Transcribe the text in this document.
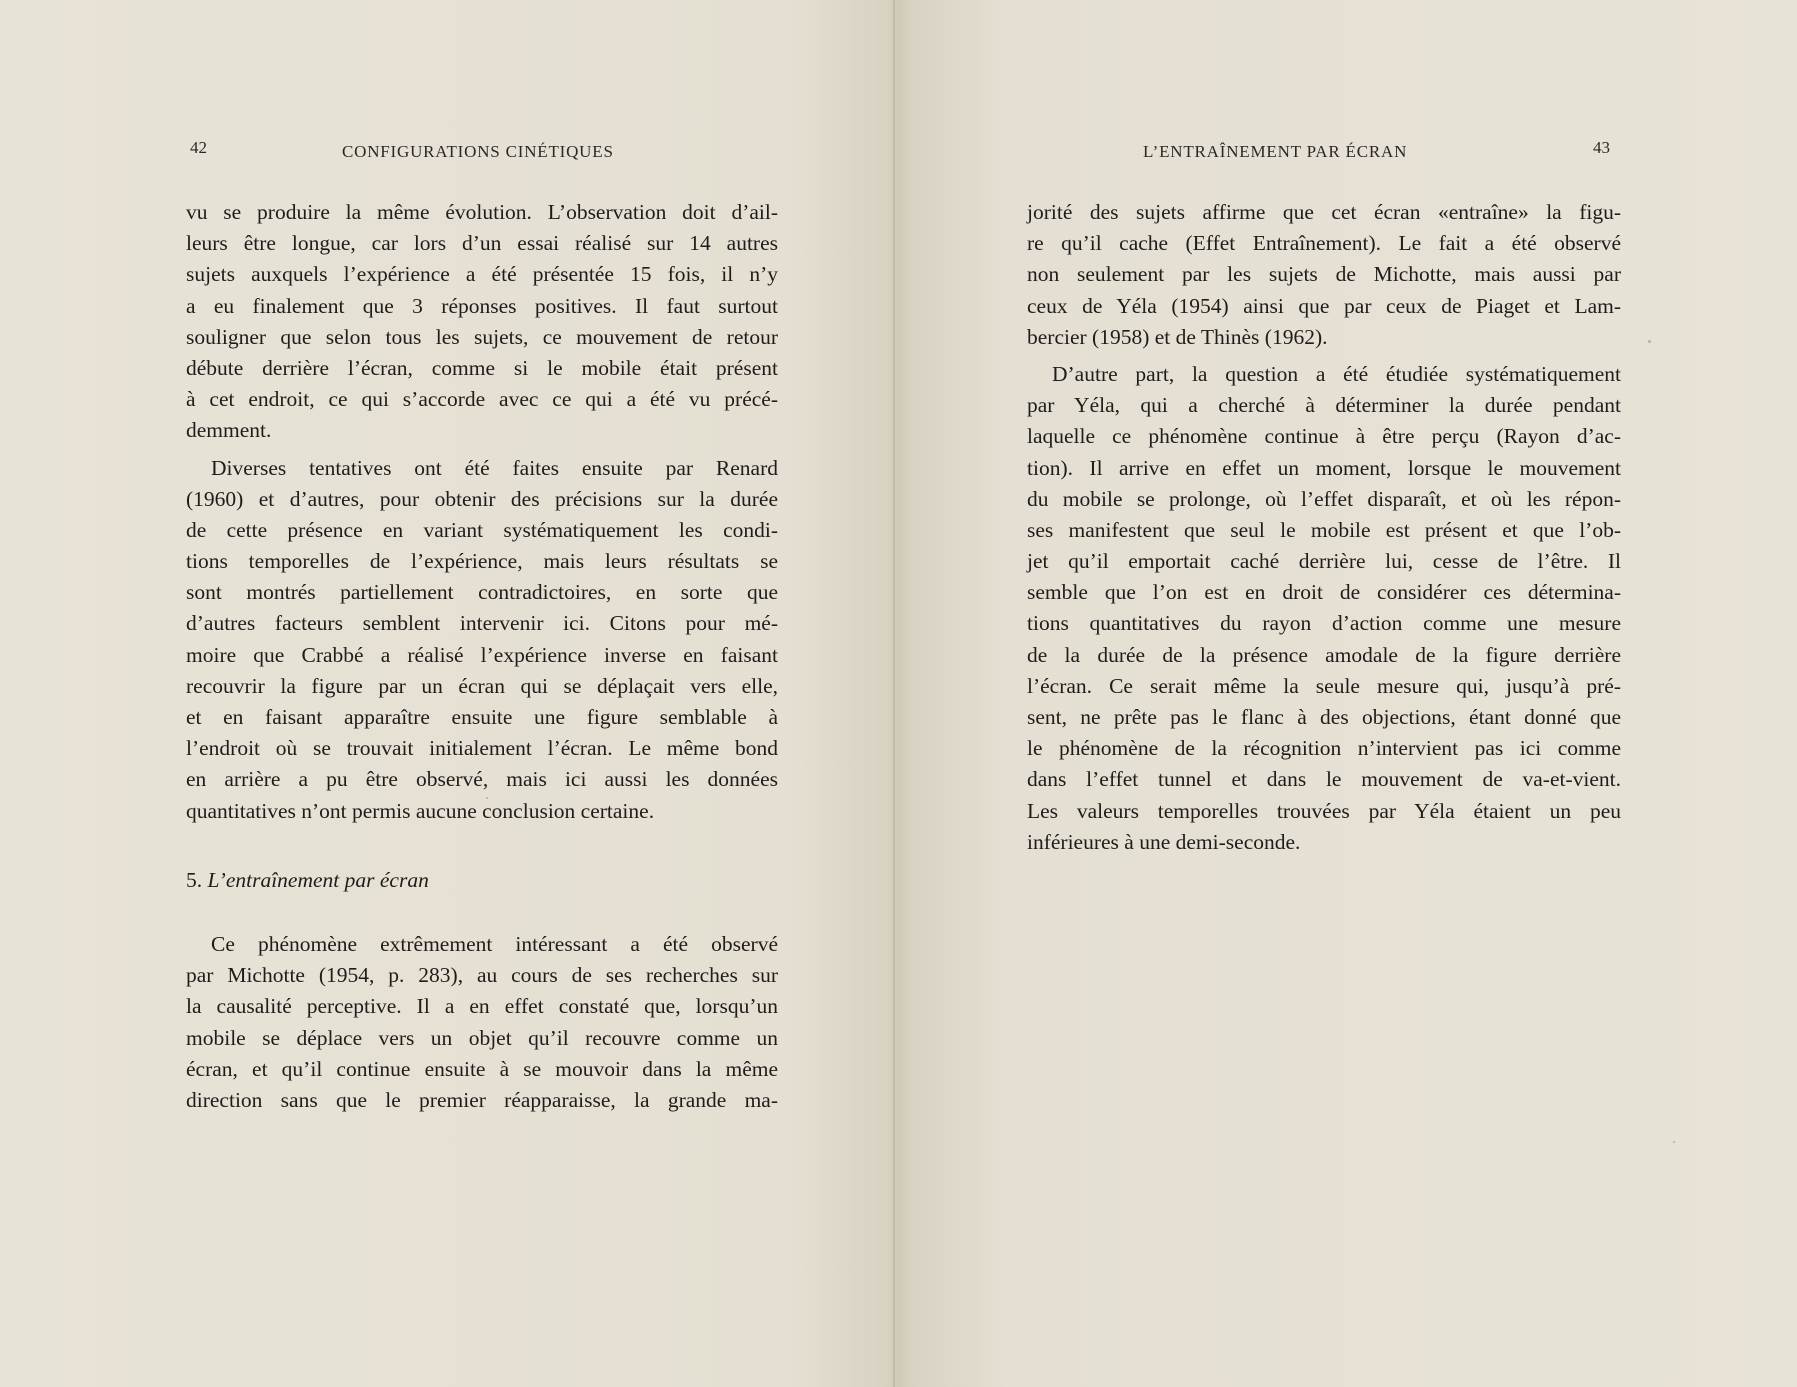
42	CONFIGURATIONS CINÉTIQUES
vu se produire la même évolution. L’observation doit d’ail-
leurs être longue, car lors d’un essai réalisé sur 14 autres
sujets auxquels l’expérience a été présentée 15 fois, il n’y
a eu finalement que 3 réponses positives. Il faut surtout
souligner que selon tous les sujets, ce mouvement de retour
débute derrière l’écran, comme si le mobile était présent
à cet endroit, ce qui s’accorde avec ce qui a été vu précé-
demment.
Diverses tentatives ont été faites ensuite par Renard
(1960) et d’autres, pour obtenir des précisions sur la durée
de cette présence en variant systématiquement les condi-
tions temporelles de l’expérience, mais leurs résultats se
sont montrés partiellement contradictoires, en sorte que
d’autres facteurs semblent intervenir ici. Citons pour mé-
moire que Crabbé a réalisé l’expérience inverse en faisant
recouvrir la figure par un écran qui se déplaçait vers elle,
et en faisant apparaître ensuite une figure semblable à
l’endroit où se trouvait initialement l’écran. Le même bond
en arrière a pu être observé, mais ici aussi les données
quantitatives n’ont permis aucune conclusion certaine.
5. L’entraînement par écran
Ce phénomène extrêmement intéressant a été observé
par Michotte (1954, p. 283), au cours de ses recherches sur
la causalité perceptive. Il a en effet constaté que, lorsqu’un
mobile se déplace vers un objet qu’il recouvre comme un
écran, et qu’il continue ensuite à se mouvoir dans la même
direction sans que le premier réapparaisse, la grande ma-
L’ENTRAÎNEMENT PAR ÉCRAN	43
jorité des sujets affirme que cet écran «entraîne» la figu-
re qu’il cache (Effet Entraînement). Le fait a été observé
non seulement par les sujets de Michotte, mais aussi par
ceux de Yéla (1954) ainsi que par ceux de Piaget et Lam-
bercier (1958) et de Thinès (1962).
D’autre part, la question a été étudiée systématiquement
par Yéla, qui a cherché à déterminer la durée pendant
laquelle ce phénomène continue à être perçu (Rayon d’ac-
tion). Il arrive en effet un moment, lorsque le mouvement
du mobile se prolonge, où l’effet disparaît, et où les répon-
ses manifestent que seul le mobile est présent et que l’ob-
jet qu’il emportait caché derrière lui, cesse de l’être. Il
semble que l’on est en droit de considérer ces détermina-
tions quantitatives du rayon d’action comme une mesure
de la durée de la présence amodale de la figure derrière
l’écran. Ce serait même la seule mesure qui, jusqu’à pré-
sent, ne prête pas le flanc à des objections, étant donné que
le phénomène de la récognition n’intervient pas ici comme
dans l’effet tunnel et dans le mouvement de va-et-vient.
Les valeurs temporelles trouvées par Yéla étaient un peu
inférieures à une demi-seconde.
